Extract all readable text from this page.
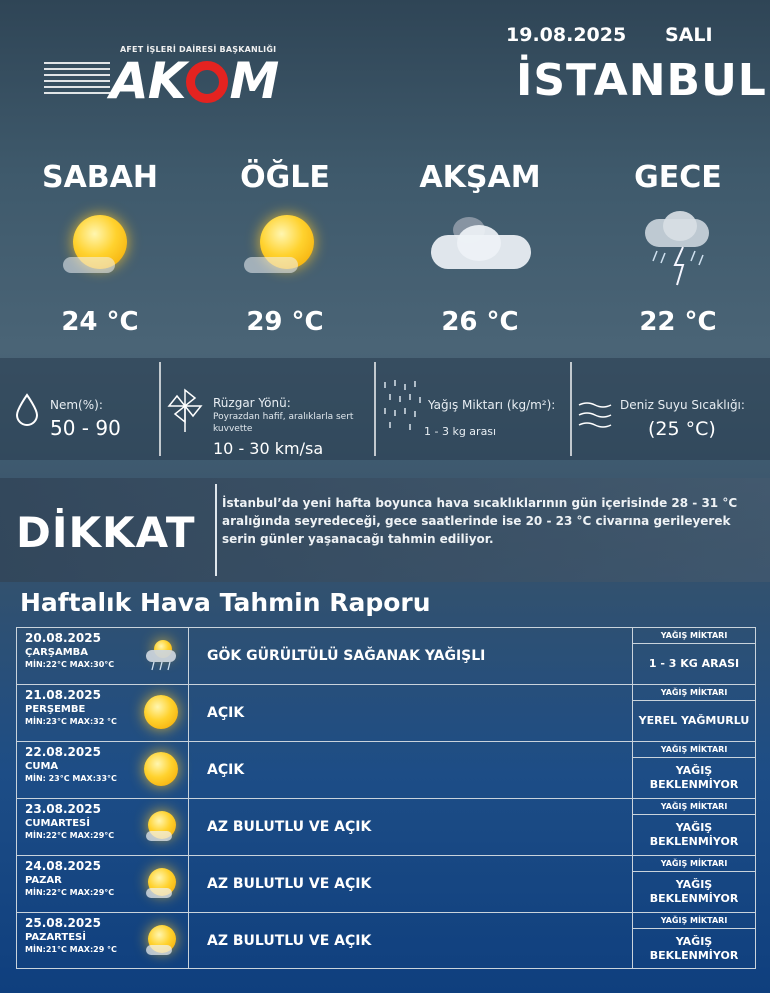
AFET İŞLERİ DAİRESİ BAŞKANLIĞI
AK M
19.08.2025 SALI
İSTANBUL
SABAH
24 °C
ÖĞLE
29 °C
AKŞAM
26 °C
GECE
22 °C
Nem(%):
50 - 90
Rüzgar Yönü:
Poyrazdan hafif, aralıklarla sert kuvvette
10 - 30 km/sa
Yağış Miktarı (kg/m²):
1 - 3 kg arası
Deniz Suyu Sıcaklığı:
(25 °C)
DİKKAT
İstanbul’da yeni hafta boyunca hava sıcaklıklarının gün içerisinde 28 - 31 °C aralığında seyredeceği, gece saatlerinde ise 20 - 23 °C civarına gerileyerek serin günler yaşanacağı tahmin ediliyor.
Haftalık Hava Tahmin Raporu
20.08.2025
ÇARŞAMBA
MİN:22°C MAX:30°C
GÖK GÜRÜLTÜLÜ SAĞANAK YAĞIŞLI
YAĞIŞ MİKTARI
1 - 3 KG ARASI
21.08.2025
PERŞEMBE
MİN:23°C MAX:32 °C
AÇIK
YAĞIŞ MİKTARI
YEREL YAĞMURLU
22.08.2025
CUMA
MİN: 23°C MAX:33°C
AÇIK
YAĞIŞ MİKTARI
YAĞIŞ BEKLENMİYOR
23.08.2025
CUMARTESİ
MİN:22°C MAX:29°C
AZ BULUTLU VE AÇIK
YAĞIŞ MİKTARI
YAĞIŞ BEKLENMİYOR
24.08.2025
PAZAR
MİN:22°C MAX:29°C
AZ BULUTLU VE AÇIK
YAĞIŞ MİKTARI
YAĞIŞ BEKLENMİYOR
25.08.2025
PAZARTESİ
MİN:21°C MAX:29 °C
AZ BULUTLU VE AÇIK
YAĞIŞ MİKTARI
YAĞIŞ BEKLENMİYOR
